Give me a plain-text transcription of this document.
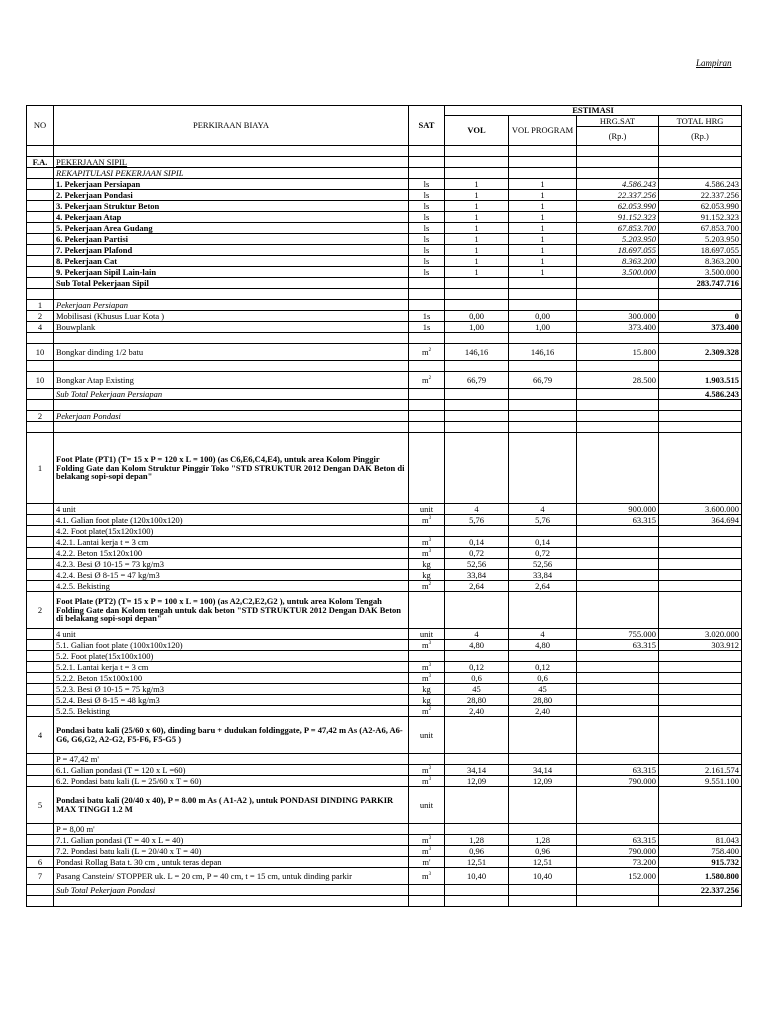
Lampiran
NO	PERKIRAAN BIAYA	SAT	ESTIMASI			
			VOL	VOL PROGRAM	HRG.SAT	TOTAL HRG
					(Rp.)	(Rp.)

F.A.	PEKERJAAN SIPIL					
	REKAPITULASI PEKERJAAN SIPIL					
	1. Pekerjaan Persiapan	ls	1	1	4.586.243	4.586.243
	2. Pekerjaan Pondasi	ls	1	1	22.337.256	22.337.256
	3. Pekerjaan Struktur Beton	ls	1	1	62.053.990	62.053.990
	4. Pekerjaan Atap	ls	1	1	91.152.323	91.152.323
	5. Pekerjaan Area Gudang	ls	1	1	67.853.700	67.853.700
	6. Pekerjaan Partisi	ls	1	1	5.203.950	5.203.950
	7. Pekerjaan Plafond	ls	1	1	18.697.055	18.697.055
	8. Pekerjaan Cat	ls	1	1	8.363.200	8.363.200
	9. Pekerjaan Sipil Lain-lain	ls	1	1	3.500.000	3.500.000
	Sub Total Pekerjaan Sipil					283.747.716

1	Pekerjaan Persiapan					
2	Mobilisasi (Khusus Luar Kota )	1s	0,00	0,00	300.000	0
4	Bouwplank	1s	1,00	1,00	373.400	373.400

10	Bongkar dinding 1/2 batu	$m^2$	146,16	146,16	15.800	2.309.328

10	Bongkar Atap Existing	$m^2$	66,79	66,79	28.500	1.903.515
	Sub Total Pekerjaan Persiapan					4.586.243

2	Pekerjaan Pondasi					

1	Foot Plate (PT1) (T= 15 x P = 120 x L = 100) (as C6,E6,C4,E4), untuk area Kolom Pinggir Folding Gate dan Kolom Struktur Pinggir Toko "STD STRUKTUR 2012 Dengan DAK Beton di belakang sopi-sopi depan"					
	4 unit	unit	4	4	900.000	3.600.000
	4.1. Galian foot plate (120x100x120)	$m^3$	5,76	5,76	63.315	364.694
	4.2. Foot plate(15x120x100)					
	4.2.1. Lantai kerja t = 3 cm	$m^3$	0,14	0,14		
	4.2.2. Beton 15x120x100	$m^3$	0,72	0,72		
	4.2.3. Besi Ø 10-15 = 73 kg/m3	kg	52,56	52,56		
	4.2.4. Besi Ø 8-15 = 47 kg/m3	kg	33,84	33,84		
	4.2.5. Bekisting	$m^2$	2,64	2,64		
2	Foot Plate (PT2) (T= 15 x P = 100 x L = 100) (as A2,C2,E2,G2 ), untuk area Kolom Tengah Folding Gate dan Kolom tengah untuk dak beton "STD STRUKTUR 2012 Dengan DAK Beton di belakang sopi-sopi depan"					
	4 unit	unit	4	4	755.000	3.020.000
	5.1. Galian foot plate (100x100x120)	$m^3$	4,80	4,80	63.315	303.912
	5.2. Foot plate(15x100x100)					
	5.2.1. Lantai kerja t = 3 cm	$m^3$	0,12	0,12		
	5.2.2. Beton 15x100x100	$m^3$	0,6	0,6		
	5.2.3. Besi Ø 10-15 = 75 kg/m3	kg	45	45		
	5.2.4. Besi Ø 8-15 = 48 kg/m3	kg	28,80	28,80		
	5.2.5. Bekisting	$m^2$	2,40	2,40		
4	Pondasi batu kali (25/60 x 60), dinding baru + dudukan foldinggate, P = 47,42 m As (A2-A6, A6-G6, G6,G2, A2-G2, F5-F6, F5-G5 )	unit				
	P = 47,42 m'					
	6.1. Galian pondasi (T = 120 x L =60)	$m^3$	34,14	34,14	63.315	2.161.574
	6.2. Pondasi batu kali (L = 25/60 x T = 60)	$m^3$	12,09	12,09	790.000	9.551.100
5	Pondasi batu kali (20/40 x 40), P = 8.00 m As ( A1-A2 ), untuk PONDASI DINDING PARKIR MAX TINGGI 1.2 M	unit				
	P = 8,00 m'					
	7.1. Galian pondasi (T = 40 x L = 40)	$m^3$	1,28	1,28	63.315	81.043
	7.2. Pondasi batu kali (L = 20/40 x T = 40)	$m^3$	0,96	0,96	790.000	758.400
6	Pondasi Rollag Bata t. 30 cm , untuk teras depan	m'	12,51	12,51	73.200	915.732
7	Pasang Canstein/ STOPPER uk. L = 20 cm, P = 40 cm, t = 15 cm, untuk dinding parkir	$m^3$	10,40	10,40	152.000	1.580.800
	Sub Total Pekerjaan Pondasi					22.337.256
